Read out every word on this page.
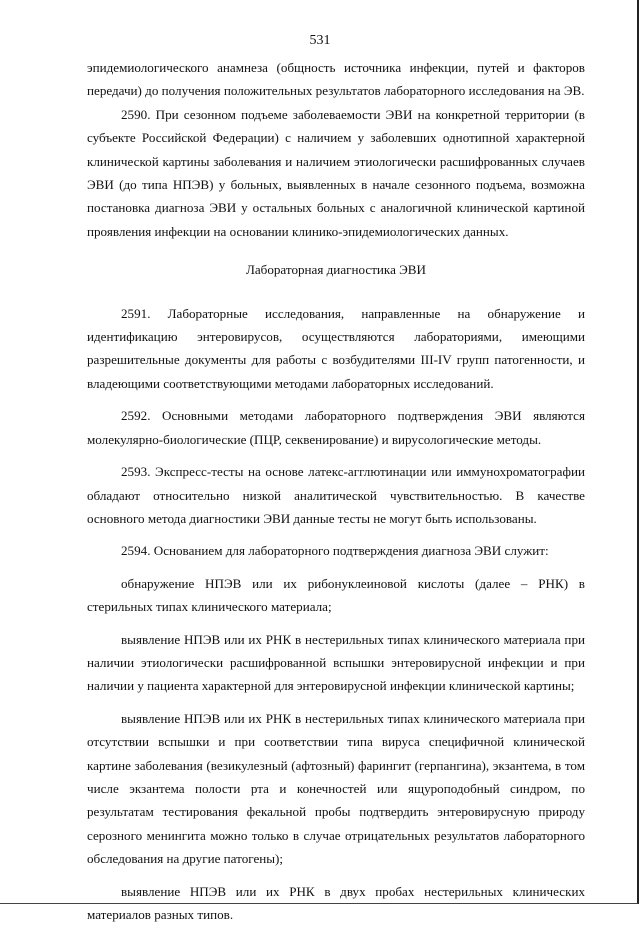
531

эпидемиологического анамнеза (общность источника инфекции, путей и факторов передачи) до получения положительных результатов лабораторного исследования на ЭВ.

2590. При сезонном подъеме заболеваемости ЭВИ на конкретной территории (в субъекте Российской Федерации) с наличием у заболевших однотипной характерной клинической картины заболевания и наличием этиологически расшифрованных случаев ЭВИ (до типа НПЭВ) у больных, выявленных в начале сезонного подъема, возможна постановка диагноза ЭВИ у остальных больных с аналогичной клинической картиной проявления инфекции на основании клинико-эпидемиологических данных.

Лабораторная диагностика ЭВИ

2591. Лабораторные исследования, направленные на обнаружение и идентификацию энтеровирусов, осуществляются лабораториями, имеющими разрешительные документы для работы с возбудителями III-IV групп патогенности, и владеющими соответствующими методами лабораторных исследований.

2592. Основными методами лабораторного подтверждения ЭВИ являются молекулярно-биологические (ПЦР, секвенирование) и вирусологические методы.

2593. Экспресс-тесты на основе латекс-агглютинации или иммунохроматографии обладают относительно низкой аналитической чувствительностью. В качестве основного метода диагностики ЭВИ данные тесты не могут быть использованы.

2594. Основанием для лабораторного подтверждения диагноза ЭВИ служит:

обнаружение НПЭВ или их рибонуклеиновой кислоты (далее – РНК) в стерильных типах клинического материала;

выявление НПЭВ или их РНК в нестерильных типах клинического материала при наличии этиологически расшифрованной вспышки энтеровирусной инфекции и при наличии у пациента характерной для энтеровирусной инфекции клинической картины;

выявление НПЭВ или их РНК в нестерильных типах клинического материала при отсутствии вспышки и при соответствии типа вируса специфичной клинической картине заболевания (везикулезный (афтозный) фарингит (герпангина), экзантема, в том числе экзантема полости рта и конечностей или ящуроподобный синдром, по результатам тестирования фекальной пробы подтвердить энтеровирусную природу серозного менингита можно только в случае отрицательных результатов лабораторного обследования на другие патогены);

выявление НПЭВ или их РНК в двух пробах нестерильных клинических материалов разных типов.
